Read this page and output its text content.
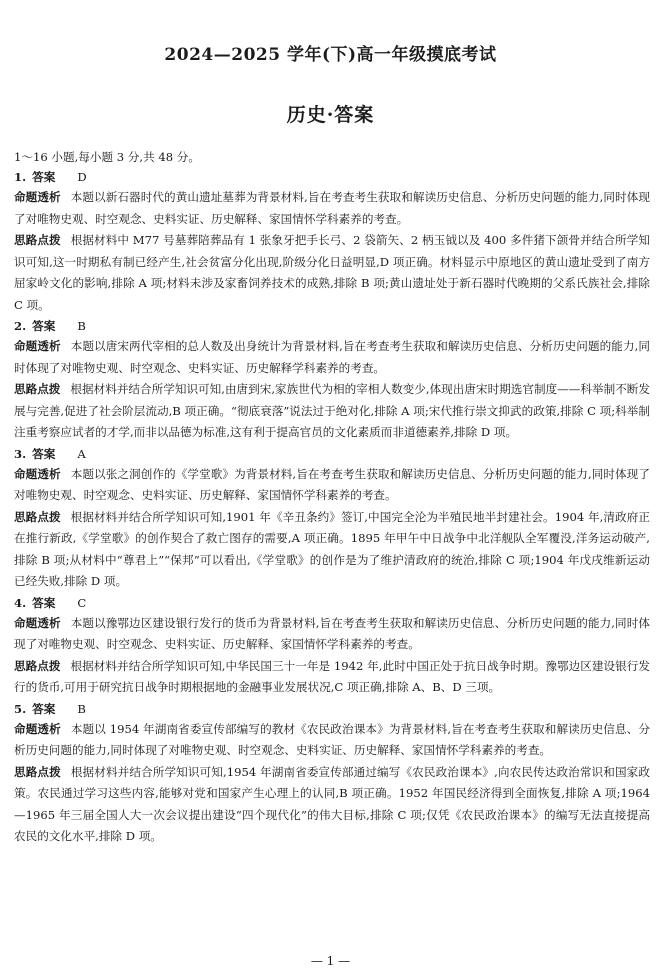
2024—2025 学年(下)高一年级摸底考试
历史·答案
1～16 小题,每小题 3 分,共 48 分。
1. 答案 D

命题透析 本题以新石器时代的黄山遗址墓葬为背景材料,旨在考查考生获取和解读历史信息、分析历史问题的能力,同时体现了对唯物史观、时空观念、史料实证、历史解释、家国情怀学科素养的考查。

思路点拨 根据材料中 M77 号墓葬陪葬品有 1 张象牙把手长弓、2 袋箭矢、2 柄玉钺以及 400 多件猪下颌骨并结合所学知识可知,这一时期私有制已经产生,社会贫富分化出现,阶级分化日益明显,D 项正确。材料显示中原地区的黄山遗址受到了南方屈家岭文化的影响,排除 A 项;材料未涉及家畜饲养技术的成熟,排除 B 项;黄山遗址处于新石器时代晚期的父系氏族社会,排除 C 项。

2. 答案 B

命题透析 本题以唐宋两代宰相的总人数及出身统计为背景材料,旨在考查考生获取和解读历史信息、分析历史问题的能力,同时体现了对唯物史观、时空观念、史料实证、历史解释学科素养的考查。

思路点拨 根据材料并结合所学知识可知,由唐到宋,家族世代为相的宰相人数变少,体现出唐宋时期选官制度——科举制不断发展与完善,促进了社会阶层流动,B 项正确。“彻底衰落”说法过于绝对化,排除 A 项;宋代推行崇文抑武的政策,排除 C 项;科举制注重考察应试者的才学,而非以品德为标准,这有利于提高官员的文化素质而非道德素养,排除 D 项。

3. 答案 A

命题透析 本题以张之洞创作的《学堂歌》为背景材料,旨在考查考生获取和解读历史信息、分析历史问题的能力,同时体现了对唯物史观、时空观念、史料实证、历史解释、家国情怀学科素养的考查。

思路点拨 根据材料并结合所学知识可知,1901 年《辛丑条约》签订,中国完全沦为半殖民地半封建社会。1904 年,清政府正在推行新政,《学堂歌》的创作契合了救亡图存的需要,A 项正确。1895 年甲午中日战争中北洋舰队全军覆没,洋务运动破产,排除 B 项;从材料中“尊君上”“保邦”可以看出,《学堂歌》的创作是为了维护清政府的统治,排除 C 项;1904 年戊戌维新运动已经失败,排除 D 项。

4. 答案 C

命题透析 本题以豫鄂边区建设银行发行的货币为背景材料,旨在考查考生获取和解读历史信息、分析历史问题的能力,同时体现了对唯物史观、时空观念、史料实证、历史解释、家国情怀学科素养的考查。

思路点拨 根据材料并结合所学知识可知,中华民国三十一年是 1942 年,此时中国正处于抗日战争时期。豫鄂边区建设银行发行的货币,可用于研究抗日战争时期根据地的金融事业发展状况,C 项正确,排除 A、B、D 三项。

5. 答案 B

命题透析 本题以 1954 年湖南省委宣传部编写的教材《农民政治课本》为背景材料,旨在考查考生获取和解读历史信息、分析历史问题的能力,同时体现了对唯物史观、时空观念、史料实证、历史解释、家国情怀学科素养的考查。

思路点拨 根据材料并结合所学知识可知,1954 年湖南省委宣传部通过编写《农民政治课本》,向农民传达政治常识和国家政策。农民通过学习这些内容,能够对党和国家产生心理上的认同,B 项正确。1952 年国民经济得到全面恢复,排除 A 项;1964—1965 年三届全国人大一次会议提出建设“四个现代化”的伟大目标,排除 C 项;仅凭《农民政治课本》的编写无法直接提高农民的文化水平,排除 D 项。

— 1 —
